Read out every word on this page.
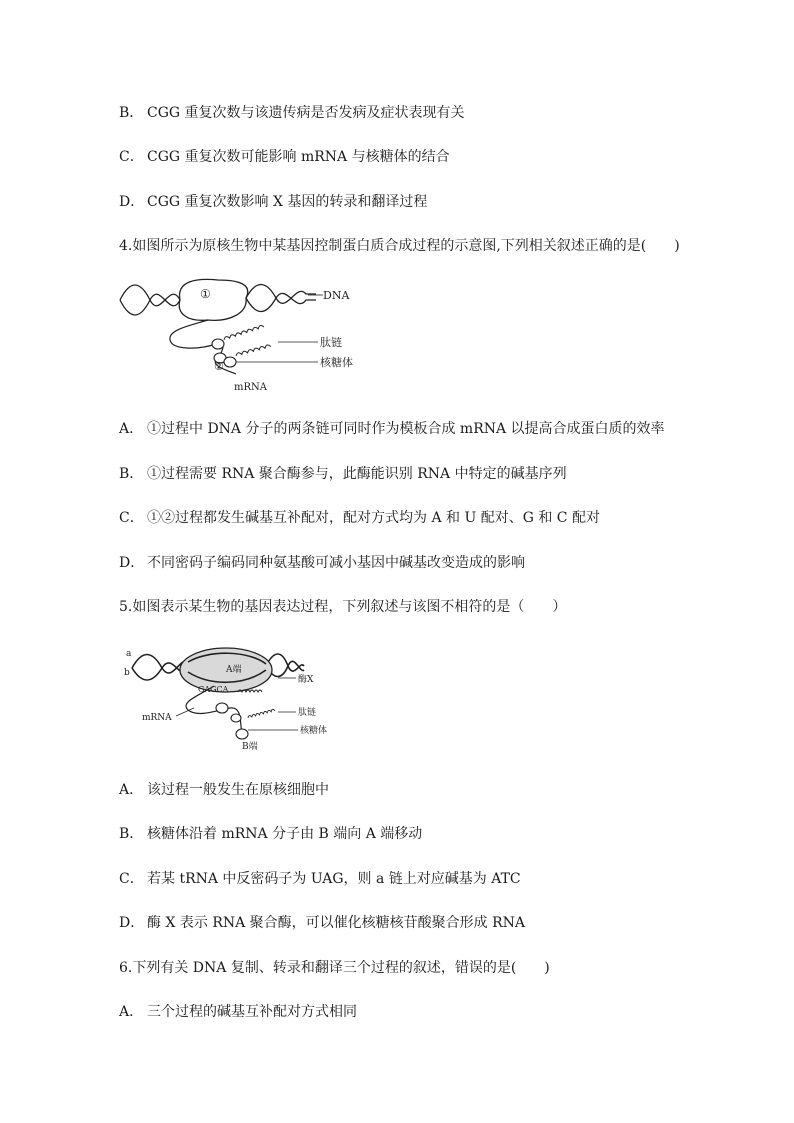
B． CGG 重复次数与该遗传病是否发病及症状表现有关
C． CGG 重复次数可能影响 mRNA 与核糖体的结合
D． CGG 重复次数影响 X 基因的转录和翻译过程
4.如图所示为原核生物中某基因控制蛋白质合成过程的示意图,下列相关叙述正确的是(　　)
①
②
DNA
肽链
核糖体
mRNA
A． ①过程中 DNA 分子的两条链可同时作为模板合成 mRNA 以提高合成蛋白质的效率
B． ①过程需要 RNA 聚合酶参与，此酶能识别 RNA 中特定的碱基序列
C． ①②过程都发生碱基互补配对，配对方式均为 A 和 U 配对、G 和 C 配对
D． 不同密码子编码同种氨基酸可减小基因中碱基改变造成的影响
5.如图表示某生物的基因表达过程，下列叙述与该图不相符的是（　　）
a
b	A端
GAGCA
酶X
mRNA	肽链
核糖体
B端
A． 该过程一般发生在原核细胞中
B． 核糖体沿着 mRNA 分子由 B 端向 A 端移动
C． 若某 tRNA 中反密码子为 UAG，则 a 链上对应碱基为 ATC
D． 酶 X 表示 RNA 聚合酶，可以催化核糖核苷酸聚合形成 RNA
6.下列有关 DNA 复制、转录和翻译三个过程的叙述，错误的是(　　)
A． 三个过程的碱基互补配对方式相同
